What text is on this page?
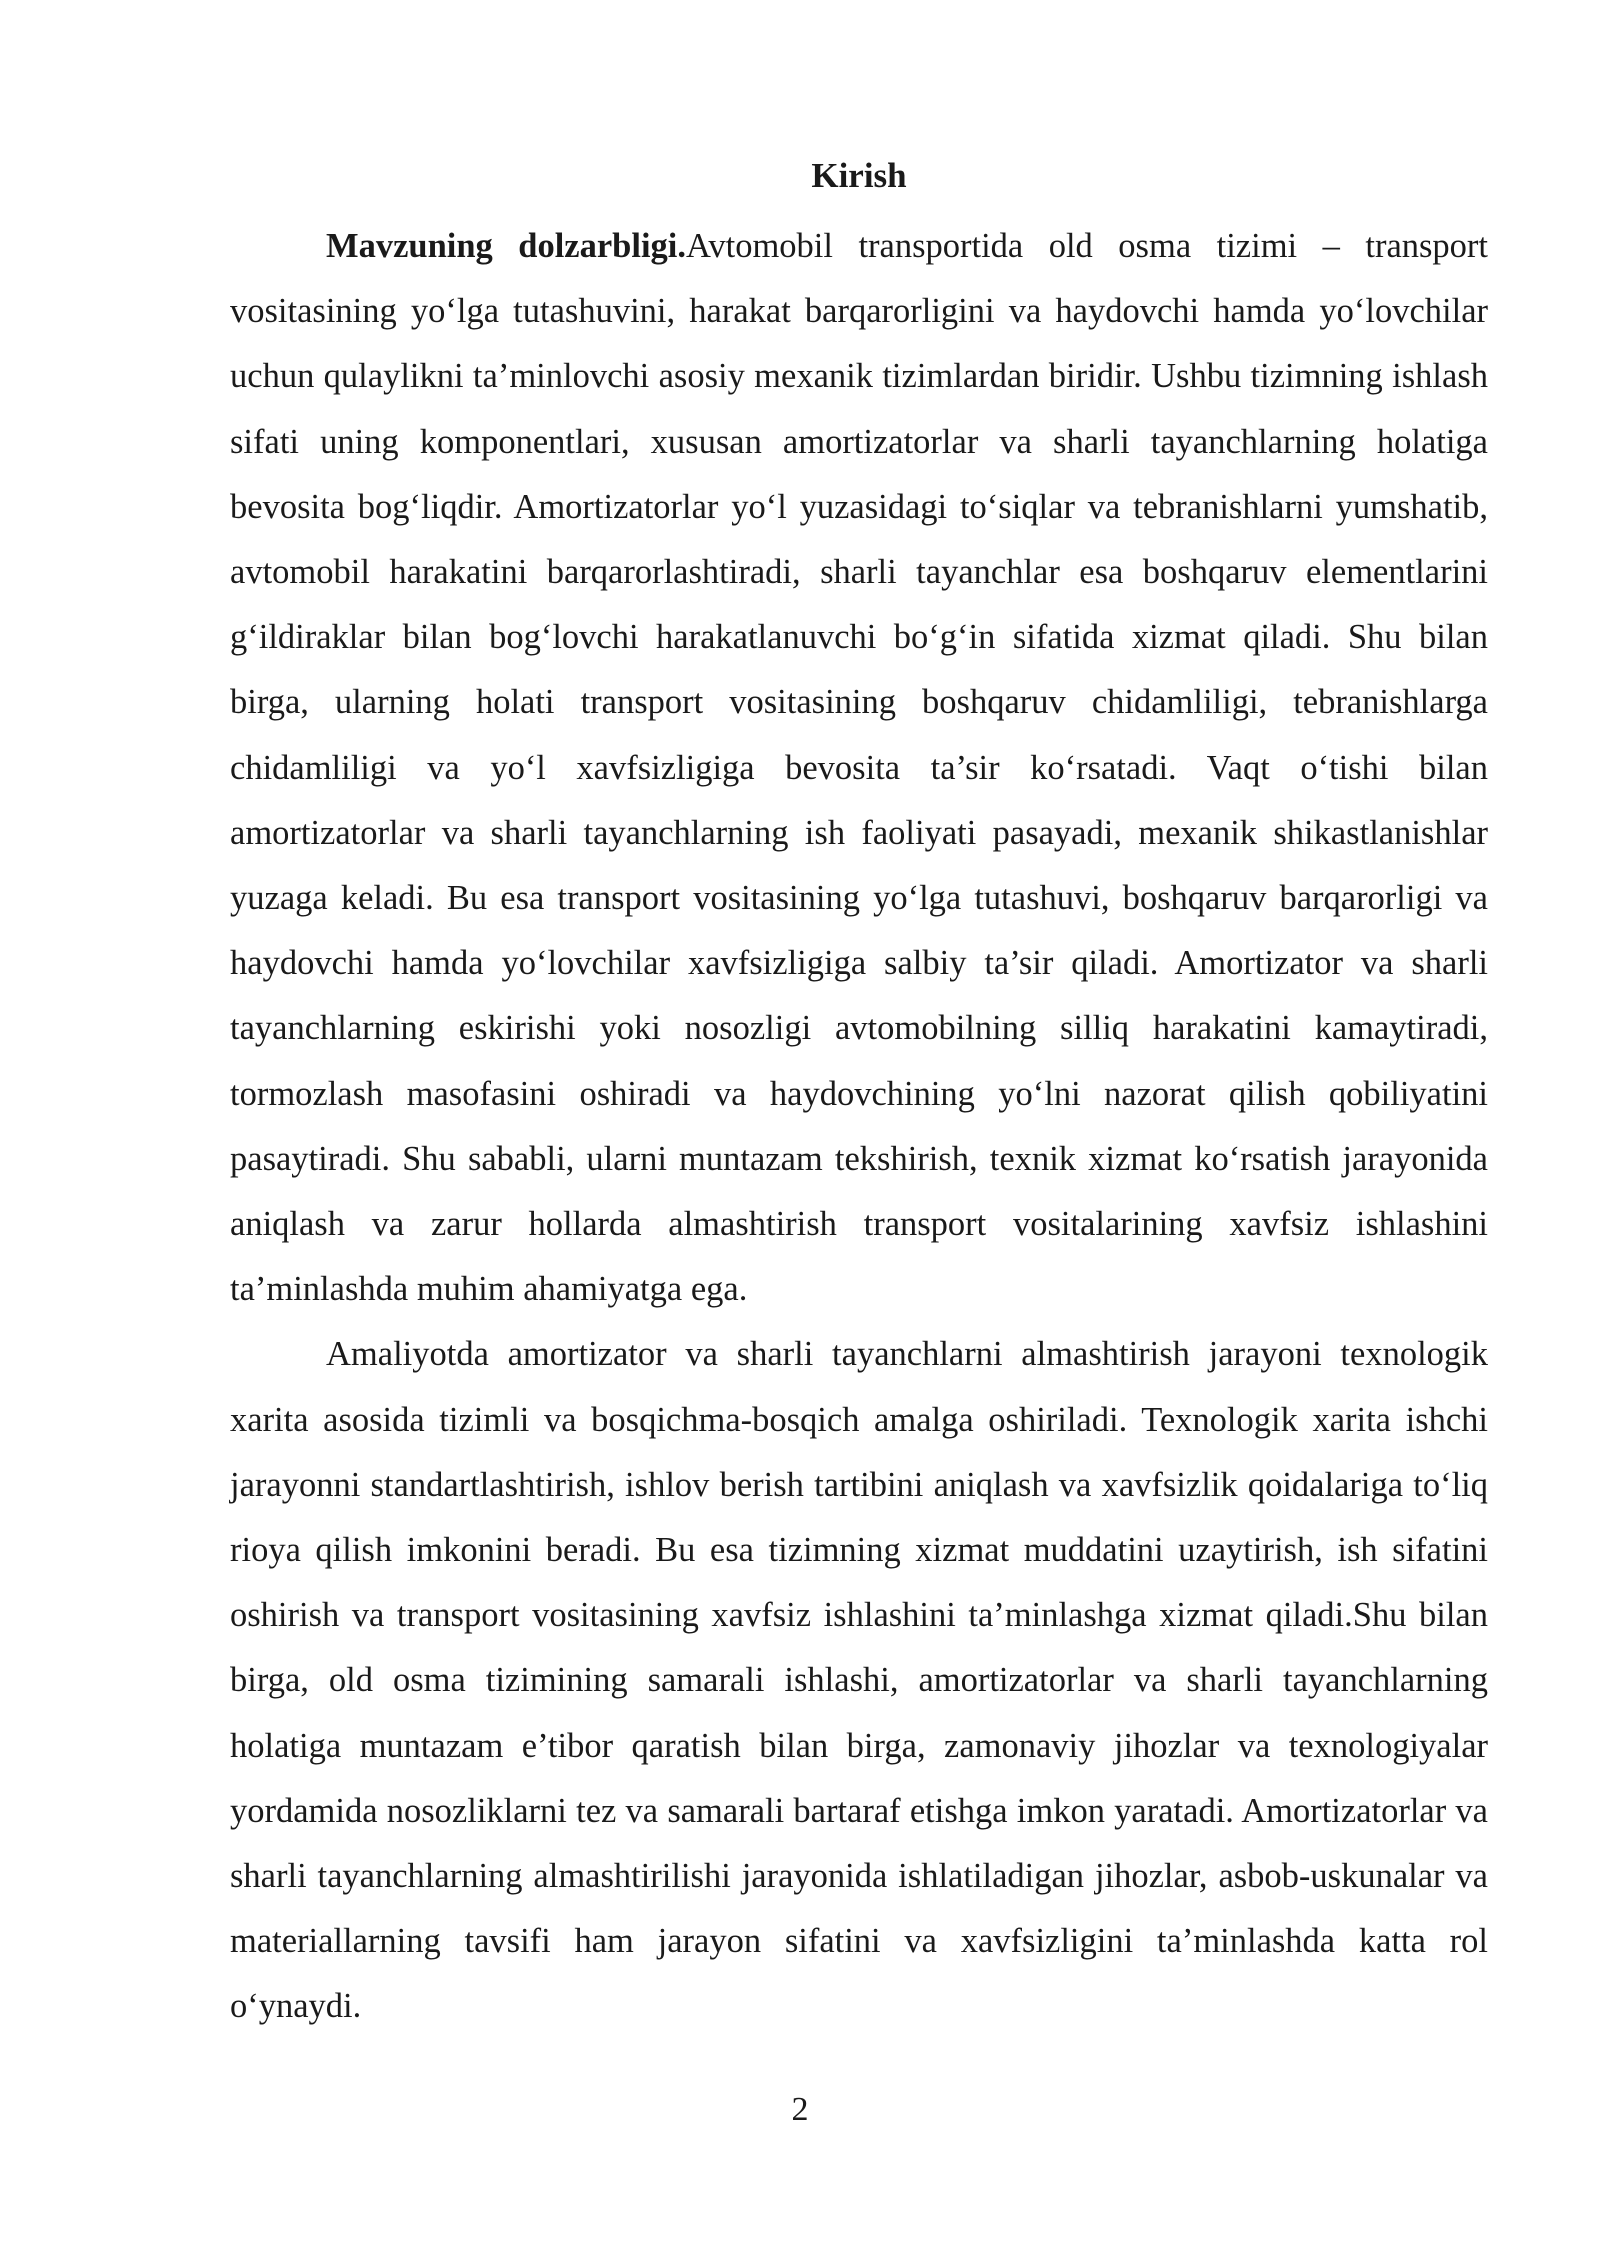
Kirish

Mavzuning dolzarbligi.Avtomobil transportida old osma tizimi – transport vositasining yoʻlga tutashuvini, harakat barqarorligini va haydovchi hamda yoʻlovchilar uchun qulaylikni ta’minlovchi asosiy mexanik tizimlardan biridir. Ushbu tizimning ishlash sifati uning komponentlari, xususan amortizatorlar va sharli tayanchlarning holatiga bevosita bogʻliqdir. Amortizatorlar yoʻl yuzasidagi toʻsiqlar va tebranishlarni yumshatib, avtomobil harakatini barqarorlashtiradi, sharli tayanchlar esa boshqaruv elementlarini gʻildiraklar bilan bogʻlovchi harakatlanuvchi boʻgʻin sifatida xizmat qiladi. Shu bilan birga, ularning holati transport vositasining boshqaruv chidamliligi, tebranishlarga chidamliligi va yoʻl xavfsizligiga bevosita ta’sir koʻrsatadi. Vaqt oʻtishi bilan amortizatorlar va sharli tayanchlarning ish faoliyati pasayadi, mexanik shikastlanishlar yuzaga keladi. Bu esa transport vositasining yoʻlga tutashuvi, boshqaruv barqarorligi va haydovchi hamda yoʻlovchilar xavfsizligiga salbiy ta’sir qiladi. Amortizator va sharli tayanchlarning eskirishi yoki nosozligi avtomobilning silliq harakatini kamaytiradi, tormozlash masofasini oshiradi va haydovchining yoʻlni nazorat qilish qobiliyatini pasaytiradi. Shu sababli, ularni muntazam tekshirish, texnik xizmat koʻrsatish jarayonida aniqlash va zarur hollarda almashtirish transport vositalarining xavfsiz ishlashini ta’minlashda muhim ahamiyatga ega.

Amaliyotda amortizator va sharli tayanchlarni almashtirish jarayoni texnologik xarita asosida tizimli va bosqichma-bosqich amalga oshiriladi. Texnologik xarita ishchi jarayonni standartlashtirish, ishlov berish tartibini aniqlash va xavfsizlik qoidalariga toʻliq rioya qilish imkonini beradi. Bu esa tizimning xizmat muddatini uzaytirish, ish sifatini oshirish va transport vositasining xavfsiz ishlashini ta’minlashga xizmat qiladi.Shu bilan birga, old osma tizimining samarali ishlashi, amortizatorlar va sharli tayanchlarning holatiga muntazam e’tibor qaratish bilan birga, zamonaviy jihozlar va texnologiyalar yordamida nosozliklarni tez va samarali bartaraf etishga imkon yaratadi. Amortizatorlar va sharli tayanchlarning almashtirilishi jarayonida ishlatiladigan jihozlar, asbob-uskunalar va materiallarning tavsifi ham jarayon sifatini va xavfsizligini ta’minlashda katta rol oʻynaydi.

2
